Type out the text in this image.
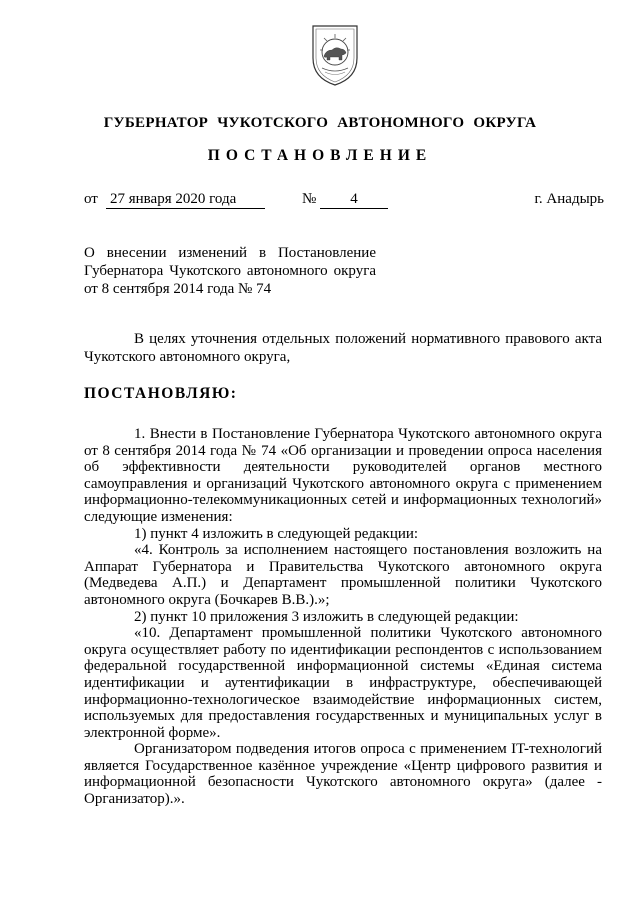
ГУБЕРНАТОР ЧУКОТСКОГО АВТОНОМНОГО ОКРУГА
ПОСТАНОВЛЕНИЕ
от 27 января 2020 года	№	4	г. Анадырь
О внесении изменений в Постановление
Губернатора Чукотского автономного округа
от 8 сентября 2014 года № 74
В целях уточнения отдельных положений нормативного правового акта Чукотского автономного округа,
ПОСТАНОВЛЯЮ:

1. Внести в Постановление Губернатора Чукотского автономного округа от 8 сентября 2014 года № 74 «Об организации и проведении опроса населения об эффективности деятельности руководителей органов местного самоуправления и организаций Чукотского автономного округа с применением информационно-телекоммуникационных сетей и информационных технологий» следующие изменения:

1) пункт 4 изложить в следующей редакции:

«4. Контроль за исполнением настоящего постановления возложить на Аппарат Губернатора и Правительства Чукотского автономного округа (Медведева А.П.) и Департамент промышленной политики Чукотского автономного округа (Бочкарев В.В.).»;

2) пункт 10 приложения 3 изложить в следующей редакции:

«10. Департамент промышленной политики Чукотского автономного округа осуществляет работу по идентификации респондентов с использованием федеральной государственной информационной системы «Единая система идентификации и аутентификации в инфраструктуре, обеспечивающей информационно-технологическое взаимодействие информационных систем, используемых для предоставления государственных и муниципальных услуг в электронной форме».

Организатором подведения итогов опроса с применением IT-технологий является Государственное казённое учреждение «Центр цифрового развития и информационной безопасности Чукотского автономного округа» (далее - Организатор).».
